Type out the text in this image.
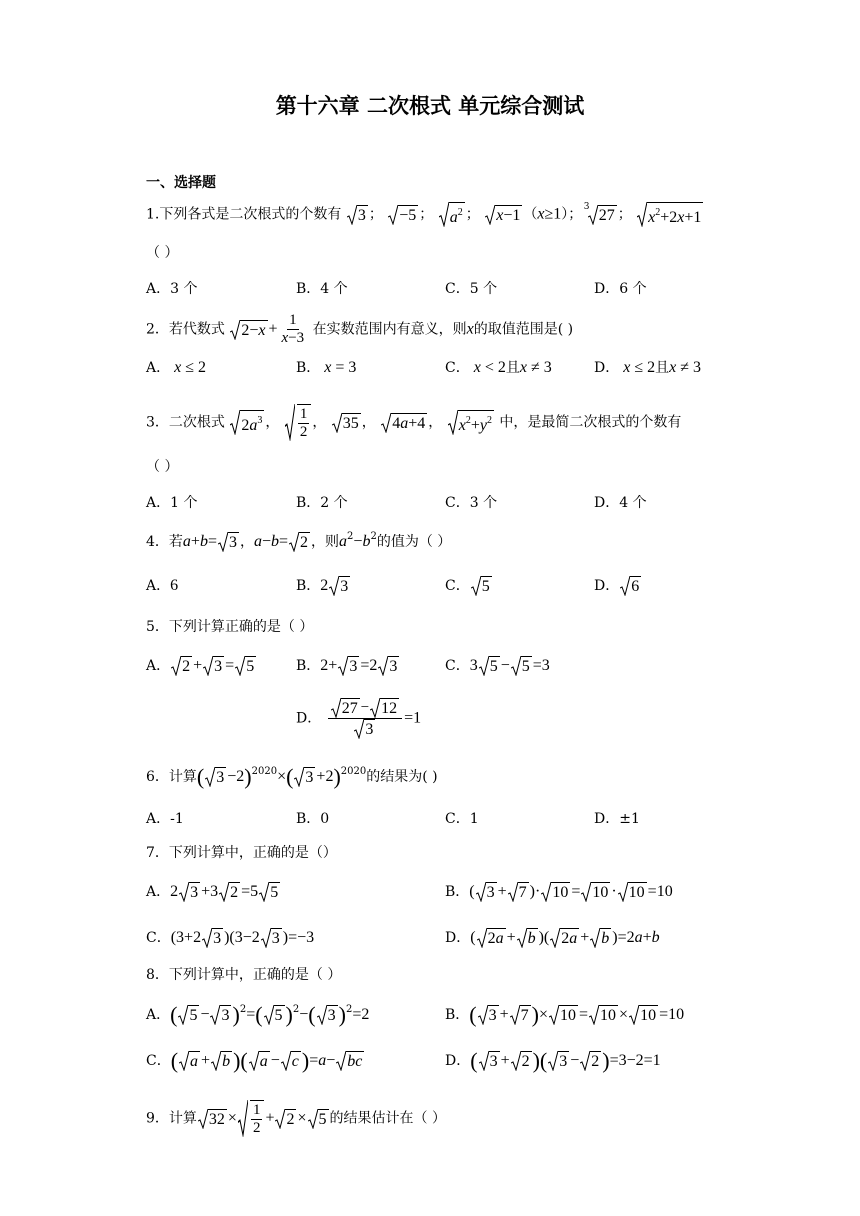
第十六章 二次根式 单元综合测试
一、选择题
1.下列各式是二次根式的个数有 3 ； −5 ； $a^2$ ； x−1 （x≥1）；
3 27 ； $x^2+2x+1$
（ ）
A．3 个	B．4 个	C．5 个	D．6 个
2．若代数式 $2-x + \frac{1}{x-3}$ 在实数范围内有意义，则x的取值范围是( )
A． x ≤ 2	B． x = 3	C． x < 2且x ≠ 3	D． x ≤ 2且x ≠ 3
3．二次根式 $2a^3$ ， $\frac{1}{2}$ ， 35 ， 4a+4 ， $x^2+y^2$ 中，是最简二次根式的个数有
（ ）
A．1 个	B．2 个	C．3 个	D．4 个
4．若a+b= 3 ，a−b= 2 ，则$a^2-b^2$的值为（ ）
A．6	B．2 3	C． 5	D． 6
5．下列计算正确的是（ ）
A． 2 + 3 = 5	B．2+ 3 =2 3	C．3 5 − 5 =3
D． $\frac{27 - 12}{3} =1$
6．计算( 3 −2)$^{2020}$×( 3 +2)$^{2020}$的结果为( )
A．-1	B．0	C．1	D．±1
7．下列计算中，正确的是（）
A．2 3 +3 2 =5 5	B．( 3 + 7 )· 10 = 10 · 10 =10
C．(3+2 3 )(3−2 3 )=−3	D．( 2a + b )( 2a + b )=2a+b
8．下列计算中，正确的是（ ）
A．( 5 − 3 )$^2$=( 5 )$^2$−( 3 )$^2$=2	B．( 3 + 7 )× 10 = 10 × 10 =10
C．( a + b )( a − c )=a− bc	D．( 3 + 2 )( 3 − 2 )=3−2=1
9．计算 $32 \times \frac{1}{2} + 2 \times 5$ 的结果估计在（ ）
